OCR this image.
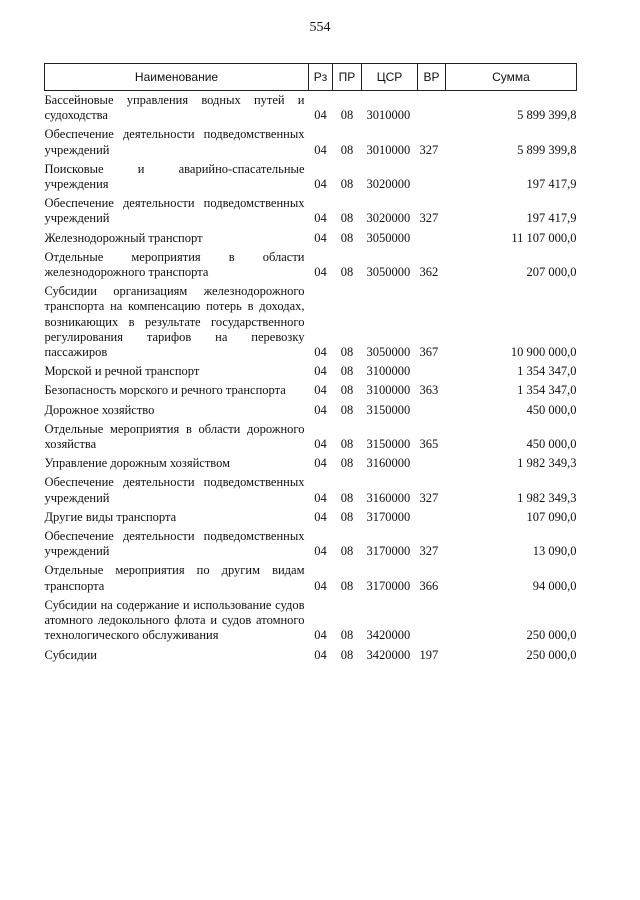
554
Наименование	Рз	ПР	ЦСР	ВР	Сумма
Бассейновые управления водных путей и судоходства	04	08	3010000		5 899 399,8
Обеспечение деятельности подведомственных учреждений	04	08	3010000	327	5 899 399,8
Поисковые и аварийно-спасательные учреждения	04	08	3020000		197 417,9
Обеспечение деятельности подведомственных учреждений	04	08	3020000	327	197 417,9
Железнодорожный транспорт	04	08	3050000		11 107 000,0
Отдельные мероприятия в области железнодорожного транспорта	04	08	3050000	362	207 000,0
Субсидии организациям железнодорожного транспорта на компенсацию потерь в доходах, возникающих в результате государственного регулирования тарифов на перевозку пассажиров	04	08	3050000	367	10 900 000,0
Морской и речной транспорт	04	08	3100000		1 354 347,0
Безопасность морского и речного транспорта	04	08	3100000	363	1 354 347,0
Дорожное хозяйство	04	08	3150000		450 000,0
Отдельные мероприятия в области дорожного хозяйства	04	08	3150000	365	450 000,0
Управление дорожным хозяйством	04	08	3160000		1 982 349,3
Обеспечение деятельности подведомственных учреждений	04	08	3160000	327	1 982 349,3
Другие виды транспорта	04	08	3170000		107 090,0
Обеспечение деятельности подведомственных учреждений	04	08	3170000	327	13 090,0
Отдельные мероприятия по другим видам транспорта	04	08	3170000	366	94 000,0
Субсидии на содержание и использование судов атомного ледокольного флота и судов атомного технологического обслуживания	04	08	3420000		250 000,0
Субсидии	04	08	3420000	197	250 000,0
